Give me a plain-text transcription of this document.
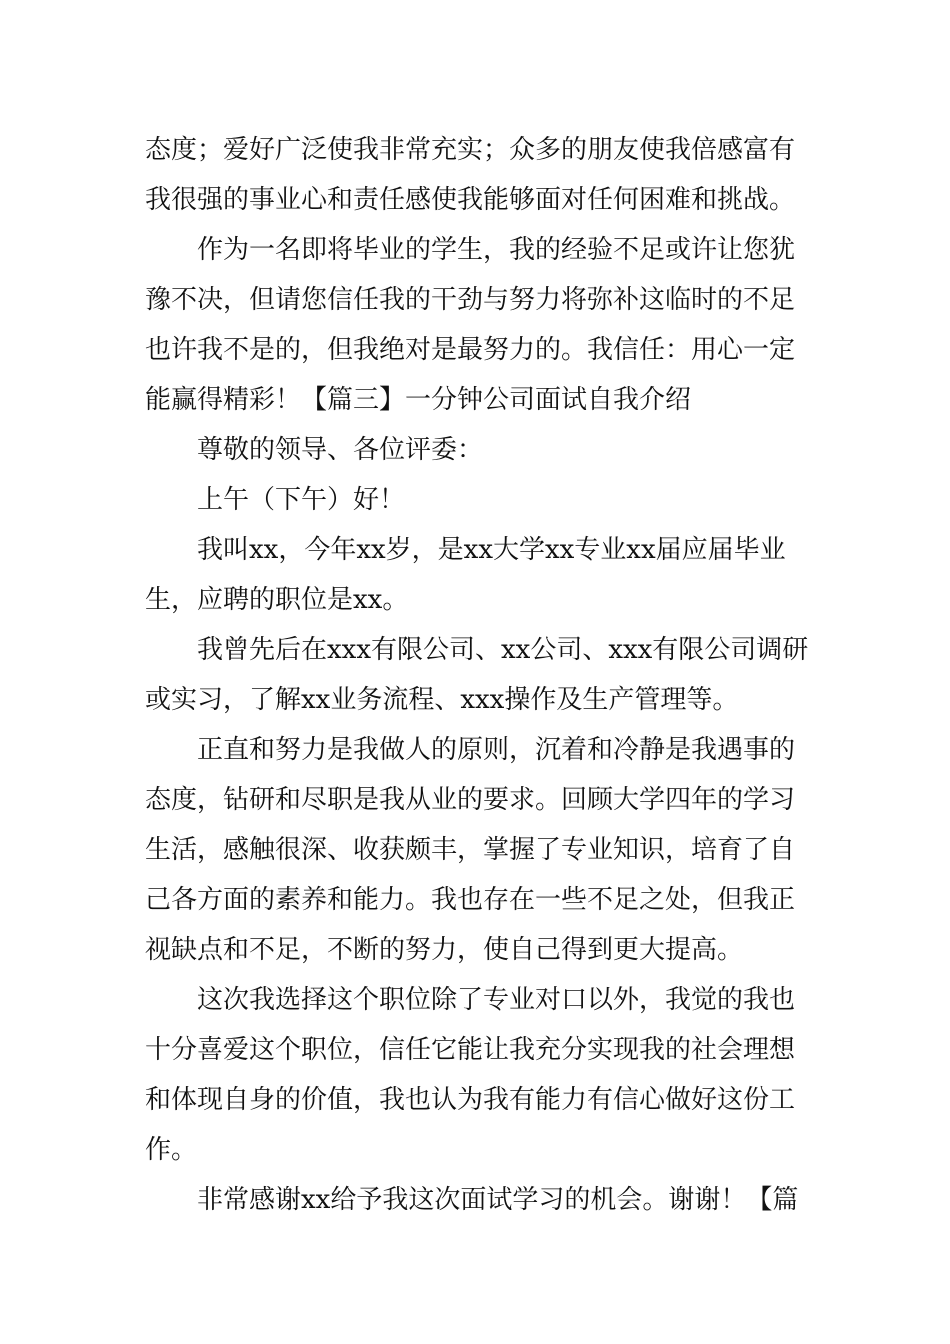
态度；爱好广泛使我非常充实；众多的朋友使我倍感富有
我很强的事业心和责任感使我能够面对任何困难和挑战。
作为一名即将毕业的学生，我的经验不足或许让您犹
豫不决，但请您信任我的干劲与努力将弥补这临时的不足
也许我不是的，但我绝对是最努力的。我信任：用心一定
能赢得精彩！【篇三】一分钟公司面试自我介绍
尊敬的领导、各位评委：
上午（下午）好！
我叫xx，今年xx岁，是xx大学xx专业xx届应届毕业
生，应聘的职位是xx。
我曾先后在xxx有限公司、xx公司、xxx有限公司调研
或实习，了解xx业务流程、xxx操作及生产管理等。
正直和努力是我做人的原则，沉着和冷静是我遇事的
态度，钻研和尽职是我从业的要求。回顾大学四年的学习
生活，感触很深、收获颇丰，掌握了专业知识，培育了自
己各方面的素养和能力。我也存在一些不足之处，但我正
视缺点和不足，不断的努力，使自己得到更大提高。
这次我选择这个职位除了专业对口以外，我觉的我也
十分喜爱这个职位，信任它能让我充分实现我的社会理想
和体现自身的价值，我也认为我有能力有信心做好这份工
作。
非常感谢xx给予我这次面试学习的机会。谢谢！【篇
